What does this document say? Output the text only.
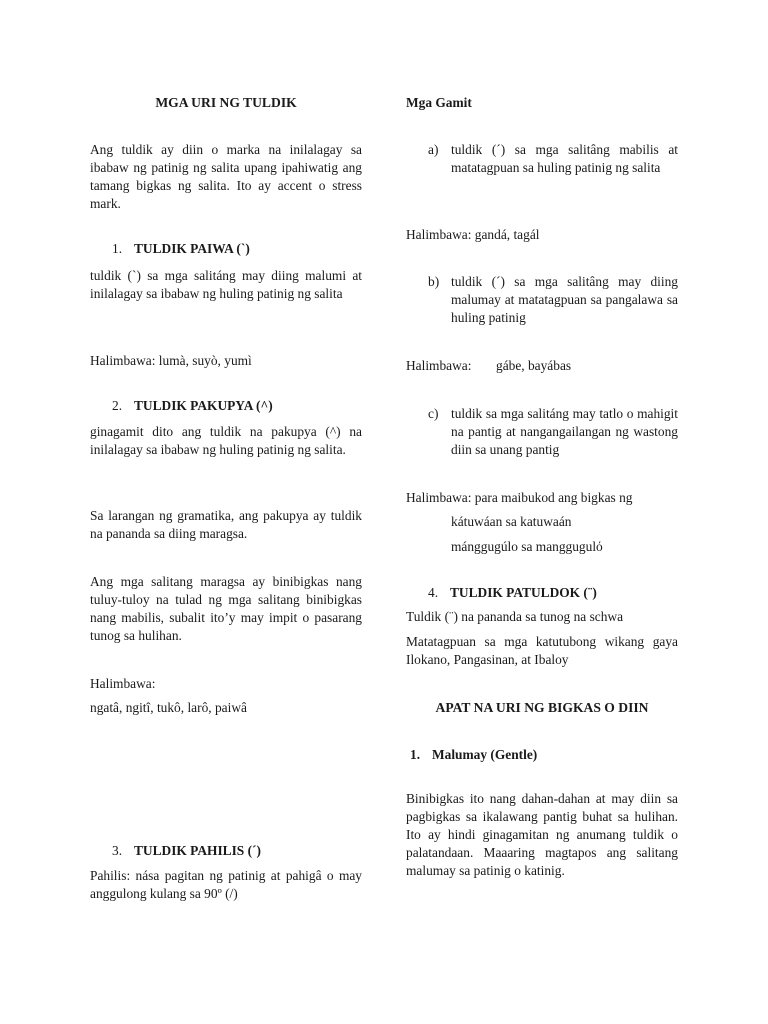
MGA URI NG TULDIK

Ang tuldik ay diin o marka na inilalagay sa ibabaw ng patinig ng salita upang ipahiwatig ang tamang bigkas ng salita. Ito ay accent o stress mark.

1. TULDIK PAIWA (`)

tuldik (`) sa mga salitáng may diing malumi at inilalagay sa ibabaw ng huling patinig ng salita

Halimbawa: lumà, suyò, yumì

2. TULDIK PAKUPYA (^)

ginagamit dito ang tuldik na pakupya (^) na inilalagay sa ibabaw ng huling patinig ng salita.

Sa larangan ng gramatika, ang pakupya ay tuldik na pananda sa diing maragsa.

Ang mga salitang maragsa ay binibigkas nang tuluy-tuloy na tulad ng mga salitang binibigkas nang mabilis, subalit ito’y may impit o pasarang tunog sa hulihan.

Halimbawa:

ngatâ, ngitî, tukô, larô, paiwâ

3. TULDIK PAHILIS (´)

Pahilis: nása pagitan ng patinig at pahigâ o may anggulong kulang sa 90º (/)

Mga Gamit

a) tuldik (´) sa mga salitâng mabilis at matatagpuan sa huling patinig ng salita

Halimbawa: gandá, tagál

b) tuldik (´) sa mga salitâng may diing malumay at matatagpuan sa pangalawa sa huling patinig

Halimbawa: gábe, bayábas

c) tuldik sa mga salitáng may tatlo o mahigit na pantig at nangangailangan ng wastong diin sa unang pantig

Halimbawa: para maibukod ang bigkas ng

kátuwáan sa katuwaán

mánggugúlo sa manggugulό

4. TULDIK PATULDOK (¨)

Tuldik (¨) na pananda sa tunog na schwa

Matatagpuan sa mga katutubong wikang gaya Ilokano, Pangasinan, at Ibaloy

APAT NA URI NG BIGKAS O DIIN

1. Malumay (Gentle)

Binibigkas ito nang dahan-dahan at may diin sa pagbigkas sa ikalawang pantig buhat sa hulihan. Ito ay hindi ginagamitan ng anumang tuldik o palatandaan. Maaaring magtapos ang salitang malumay sa patinig o katinig.
